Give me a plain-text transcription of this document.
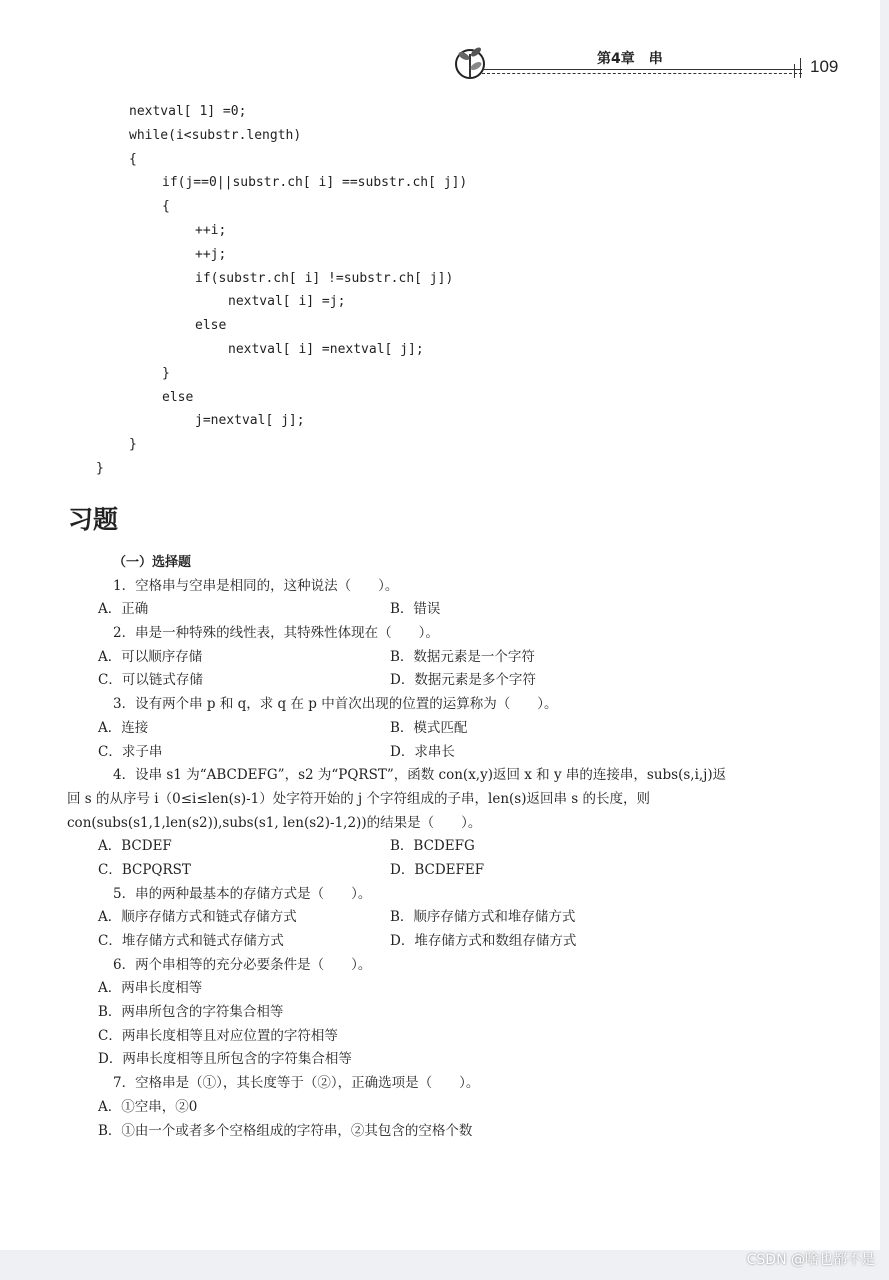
第4章　串	109
nextval[ 1] =0;
while(i<substr.length)
{
if(j==0||substr.ch[ i] ==substr.ch[ j])
{
++i;
++j;
if(substr.ch[ i] !=substr.ch[ j])
nextval[ i] =j;
else
nextval[ i] =nextval[ j];
}
else
j=nextval[ j];
}
}
习题
（一）选择题
1．空格串与空串是相同的，这种说法（　　）。
A．正确	B．错误
2．串是一种特殊的线性表，其特殊性体现在（　　）。
A．可以顺序存储	B．数据元素是一个字符
C．可以链式存储	D．数据元素是多个字符
3．设有两个串 p 和 q，求 q 在 p 中首次出现的位置的运算称为（　　）。
A．连接	B．模式匹配
C．求子串	D．求串长
4．设串 s1 为“ABCDEFG”，s2 为“PQRST”，函数 con(x,y)返回 x 和 y 串的连接串，subs(s,i,j)返
回 s 的从序号 i（0≤i≤len(s)-1）处字符开始的 j 个字符组成的子串，len(s)返回串 s 的长度，则
con(subs(s1,1,len(s2)),subs(s1, len(s2)-1,2))的结果是（　　）。
A．BCDEF	B．BCDEFG
C．BCPQRST	D．BCDEFEF
5．串的两种最基本的存储方式是（　　）。
A．顺序存储方式和链式存储方式	B．顺序存储方式和堆存储方式
C．堆存储方式和链式存储方式	D．堆存储方式和数组存储方式
6．两个串相等的充分必要条件是（　　）。
A．两串长度相等
B．两串所包含的字符集合相等
C．两串长度相等且对应位置的字符相等
D．两串长度相等且所包含的字符集合相等
7．空格串是（①），其长度等于（②），正确选项是（　　）。
A．①空串，②0
B．①由一个或者多个空格组成的字符串，②其包含的空格个数
CSDN @啥也都不是
